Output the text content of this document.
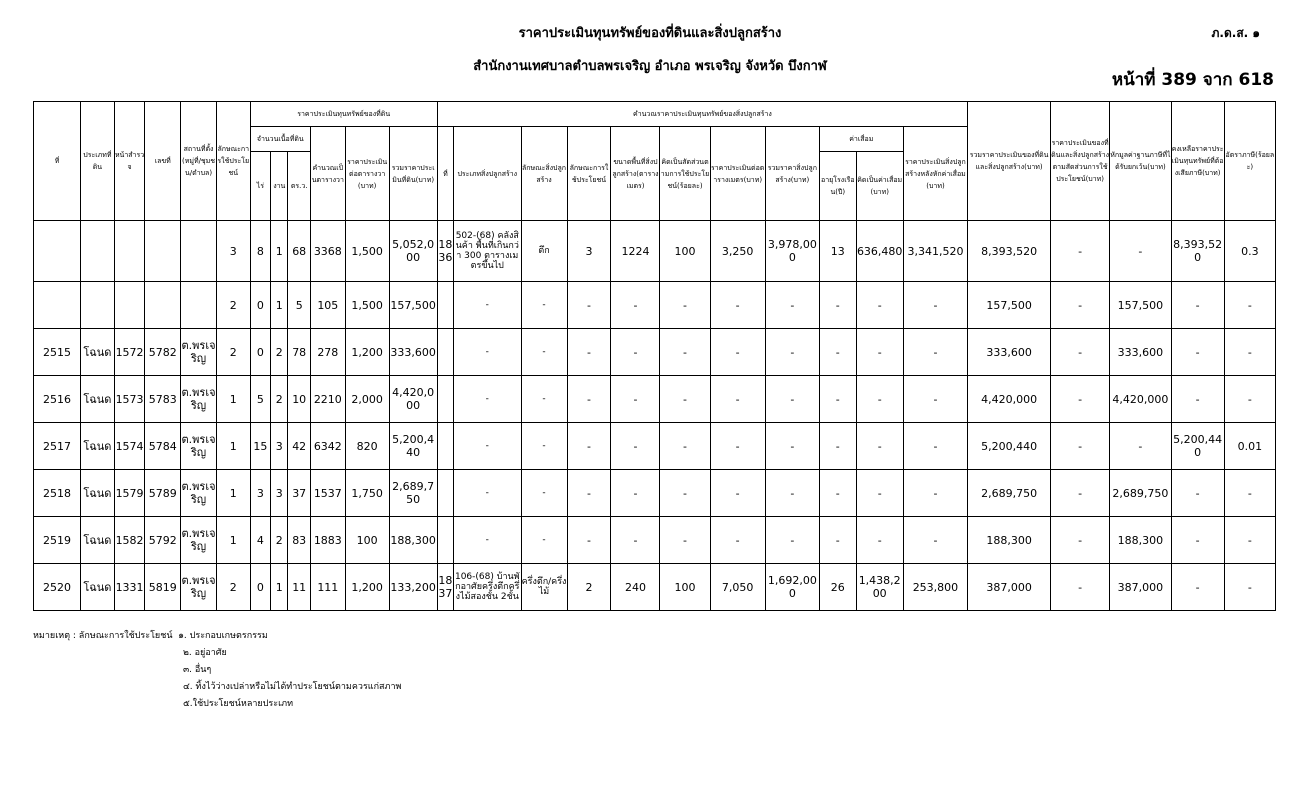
ราคาประเมินทุนทรัพย์ของที่ดินและสิ่งปลูกสร้าง
สำนักงานเทศบาลตำบลพรเจริญ อำเภอ พรเจริญ จังหวัด บึงกาฬ
ภ.ด.ส. ๑
หน้าที่ 389 จาก 618
ที่	ประเภทที่ดิน	หน้าสำรวจ	เลขที่	สถานที่ตั้ง(หมู่ที่/ชุมชน/ตำบล)	ลักษณะการใช้ประโยชน์	ราคาประเมินทุนทรัพย์ของที่ดิน						คำนวณราคาประเมินทุนทรัพย์ของสิ่งปลูกสร้าง											รวมราคาประเมินของที่ดินและสิ่งปลูกสร้าง(บาท)	ราคาประเมินของที่ดินและสิ่งปลูกสร้างตามสัดส่วนการใช้ประโยชน์(บาท)	หักมูลค่าฐานภาษีที่ได้รับยกเว้น(บาท)	คงเหลือราคาประเมินทุนทรัพย์ที่ต้องเสียภาษี(บาท)	อัตราภาษี(ร้อยละ)
						จำนวนเนื้อที่ดิน			คำนวณเป็นตารางวา	ราคาประเมินต่อตารางวา(บาท)	รวมราคาประเมินที่ดิน(บาท)	ที่	ประเภทสิ่งปลูกสร้าง	ลักษณะสิ่งปลูกสร้าง	ลักษณะการใช้ประโยชน์	ขนาดพื้นที่สิ่งปลูกสร้าง(ตารางเมตร)	คิดเป็นสัดส่วนตามการใช้ประโยชน์(ร้อยละ)	ราคาประเมินต่อตารางเมตร(บาท)	รวมราคาสิ่งปลูกสร้าง(บาท)	ค่าเสื่อม		ราคาประเมินสิ่งปลูกสร้างหลังหักค่าเสื่อม(บาท)					
						ไร่	งาน	ตร.ว.												อายุโรงเรือน(ปี)	คิดเป็นค่าเสื่อม(บาท)						
					3	8	1	68	3368	1,500	5,052,000	1836	502-(68) คลังสินค้า พื้นที่เกินกว่า 300 ตารางเมตรขึ้นไป	ตึก	3	1224	100	3,250	3,978,000	13	636,480	3,341,520	8,393,520	-	-	8,393,520	0.3
					2	0	1	5	105	1,500	157,500		-	-	-	-	-	-	-	-	-	-	157,500	-	157,500	-	-
2515	โฉนด	1572	5782	ต.พรเจริญ	2	0	2	78	278	1,200	333,600		-	-	-	-	-	-	-	-	-	-	333,600	-	333,600	-	-
2516	โฉนด	1573	5783	ต.พรเจริญ	1	5	2	10	2210	2,000	4,420,000		-	-	-	-	-	-	-	-	-	-	4,420,000	-	4,420,000	-	-
2517	โฉนด	1574	5784	ต.พรเจริญ	1	15	3	42	6342	820	5,200,440		-	-	-	-	-	-	-	-	-	-	5,200,440	-	-	5,200,440	0.01
2518	โฉนด	1579	5789	ต.พรเจริญ	1	3	3	37	1537	1,750	2,689,750		-	-	-	-	-	-	-	-	-	-	2,689,750	-	2,689,750	-	-
2519	โฉนด	1582	5792	ต.พรเจริญ	1	4	2	83	1883	100	188,300		-	-	-	-	-	-	-	-	-	-	188,300	-	188,300	-	-
2520	โฉนด	1331	5819	ต.พรเจริญ	2	0	1	11	111	1,200	133,200	1837	106-(68) บ้านพักอาศัยครึ่งตึกครึ่งไม้สองชั้น 2ชั้น	ครึ่งตึก/ครึ่งไม้	2	240	100	7,050	1,692,000	26	1,438,200	253,800	387,000	-	387,000	-	-
หมายเหตุ : ลักษณะการใช้ประโยชน์ ๑. ประกอบเกษตรกรรม
๒. อยู่อาศัย
๓. อื่นๆ
๔. ทิ้งไว้ว่างเปล่าหรือไม่ได้ทำประโยชน์ตามควรแก่สภาพ
๕.ใช้ประโยชน์หลายประเภท
